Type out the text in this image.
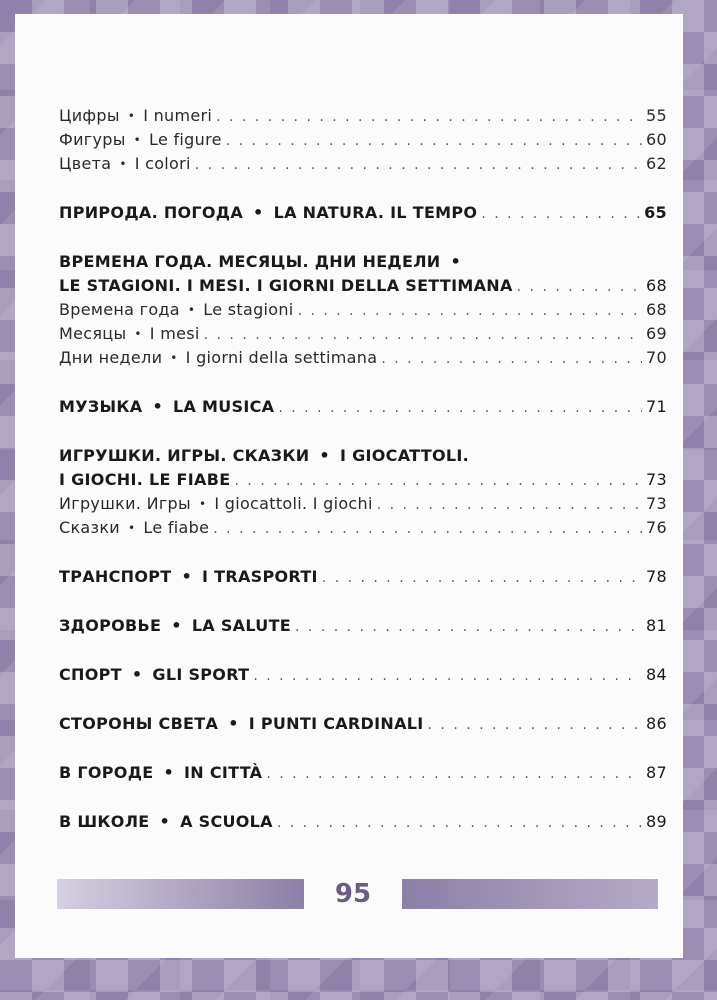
Цифры • I numeri . . .	55
Фигуры • Le figure . . .	60
Цвета • I colori . . .	62
ПРИРОДА. ПОГОДА • LA NATURA. IL TEMPO . . .	65
ВРЕМЕНА ГОДА. МЕСЯЦЫ. ДНИ НЕДЕЛИ •
LE STAGIONI. I MESI. I GIORNI DELLA SETTIMANA . . .	68
Времена года • Le stagioni . . .	68
Месяцы • I mesi . . .	69
Дни недели • I giorni della settimana . . .	70
МУЗЫКА • LA MUSICA . . .	71
ИГРУШКИ. ИГРЫ. СКАЗКИ • I GIOCATTOLI.
I GIOCHI. LE FIABE . . .	73
Игрушки. Игры • I giocattoli. I giochi . . .	73
Сказки • Le fiabe . . .	76
ТРАНСПОРТ • I TRASPORTI . . .	78
ЗДОРОВЬЕ • LA SALUTE . . .	81
СПОРТ • GLI SPORT . . .	84
СТОРОНЫ СВЕТА • I PUNTI CARDINALI . . .	86
В ГОРОДЕ • IN CITTÀ . . .	87
В ШКОЛЕ • A SCUOLA . . .	89
95
